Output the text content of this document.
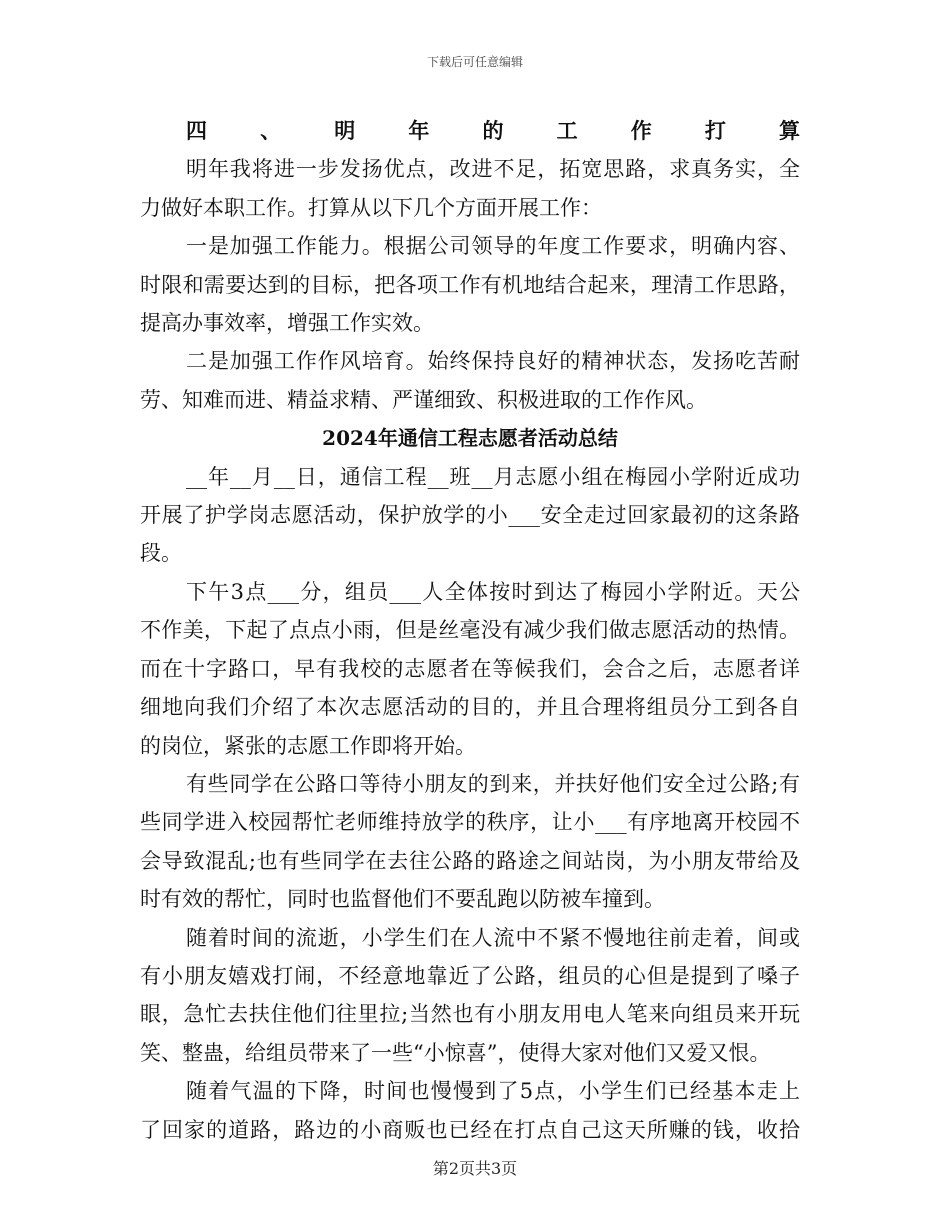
下载后可任意编辑

四、明年的工作打算

明年我将进一步发扬优点，改进不足，拓宽思路，求真务实，全
力做好本职工作。打算从以下几个方面开展工作：

一是加强工作能力。根据公司领导的年度工作要求，明确内容、
时限和需要达到的目标，把各项工作有机地结合起来，理清工作思路，
提高办事效率，增强工作实效。

二是加强工作作风培育。始终保持良好的精神状态，发扬吃苦耐
劳、知难而进、精益求精、严谨细致、积极进取的工作作风。

2024年通信工程志愿者活动总结

__年__月__日，通信工程__班__月志愿小组在梅园小学附近成功
开展了护学岗志愿活动，保护放学的小___安全走过回家最初的这条路
段。

下午3点___分，组员___人全体按时到达了梅园小学附近。天公
不作美，下起了点点小雨，但是丝毫没有减少我们做志愿活动的热情。
而在十字路口，早有我校的志愿者在等候我们，会合之后，志愿者详
细地向我们介绍了本次志愿活动的目的，并且合理将组员分工到各自
的岗位，紧张的志愿工作即将开始。

有些同学在公路口等待小朋友的到来，并扶好他们安全过公路;有
些同学进入校园帮忙老师维持放学的秩序，让小___有序地离开校园不
会导致混乱;也有些同学在去往公路的路途之间站岗，为小朋友带给及
时有效的帮忙，同时也监督他们不要乱跑以防被车撞到。

随着时间的流逝，小学生们在人流中不紧不慢地往前走着，间或
有小朋友嬉戏打闹，不经意地靠近了公路，组员的心但是提到了嗓子
眼，急忙去扶住他们往里拉;当然也有小朋友用电人笔来向组员来开玩
笑、整蛊，给组员带来了一些“小惊喜”，使得大家对他们又爱又恨。

随着气温的下降，时间也慢慢到了5点，小学生们已经基本走上
了回家的道路，路边的小商贩也已经在打点自己这天所赚的钱，收拾

第2页共3页
